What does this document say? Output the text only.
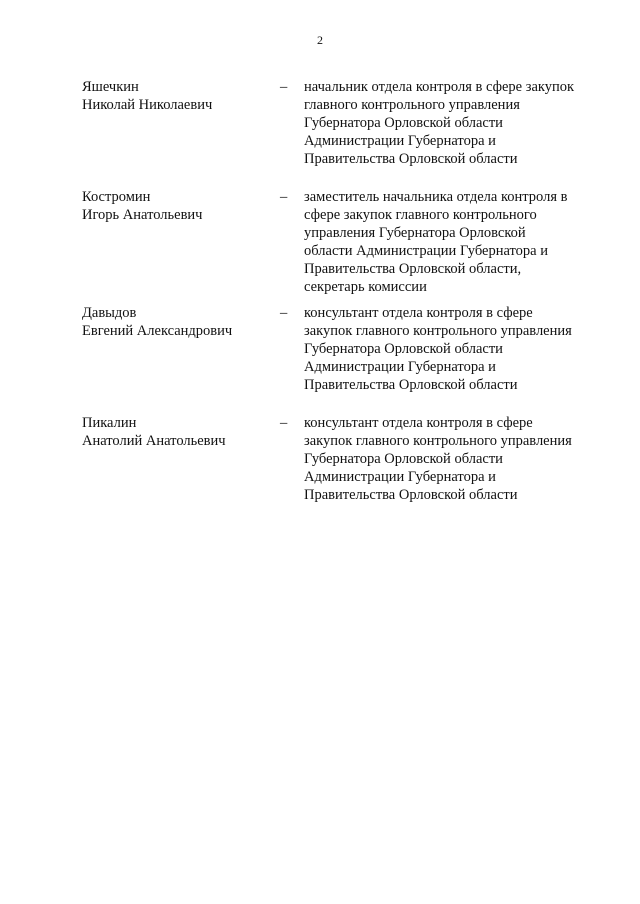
2
Яшечкин
Николай Николаевич
– начальник отдела контроля в сфере закупок
главного контрольного управления
Губернатора Орловской области
Администрации Губернатора и
Правительства Орловской области
Костромин
Игорь Анатольевич
– заместитель начальника отдела контроля в
сфере закупок главного контрольного
управления Губернатора Орловской
области Администрации Губернатора и
Правительства Орловской области,
секретарь комиссии
Давыдов
Евгений Александрович
– консультант отдела контроля в сфере
закупок главного контрольного управления
Губернатора Орловской области
Администрации Губернатора и
Правительства Орловской области
Пикалин
Анатолий Анатольевич
– консультант отдела контроля в сфере
закупок главного контрольного управления
Губернатора Орловской области
Администрации Губернатора и
Правительства Орловской области
